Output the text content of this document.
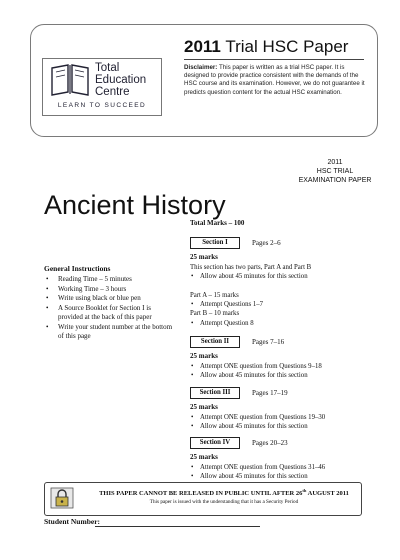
Total
Education
Centre
LEARN TO SUCCEED
2011 Trial HSC Paper
Disclaimer: This paper is written as a trial HSC paper. It is designed to provide practice consistent with the demands of the HSC course and its examination. However, we do not guarantee it predicts question content for the actual HSC examination.
2011
HSC TRIAL
EXAMINATION PAPER
Ancient History
General Instructions
• Reading Time – 5 minutes
• Working Time – 3 hours
• Write using black or blue pen
• A Source Booklet for Section I is provided at the back of this paper
• Write your student number at the bottom of this page
Total Marks – 100
Section I	Pages 2–6
25 marks
This section has two parts, Part A and Part B
• Allow about 45 minutes for this section
Part A – 15 marks
• Attempt Questions 1–7
Part B – 10 marks
• Attempt Question 8
Section II	Pages 7–16
25 marks
• Attempt ONE question from Questions 9–18
• Allow about 45 minutes for this section
Section III	Pages 17–19
25 marks
• Attempt ONE question from Questions 19–30
• Allow about 45 minutes for this section
Section IV	Pages 20–23
25 marks
• Attempt ONE question from Questions 31–46
• Allow about 45 minutes for this section
THIS PAPER CANNOT BE RELEASED IN PUBLIC UNTIL AFTER 26th AUGUST 2011
This paper is issued with the understanding that it has a Security Period
Student Number:
